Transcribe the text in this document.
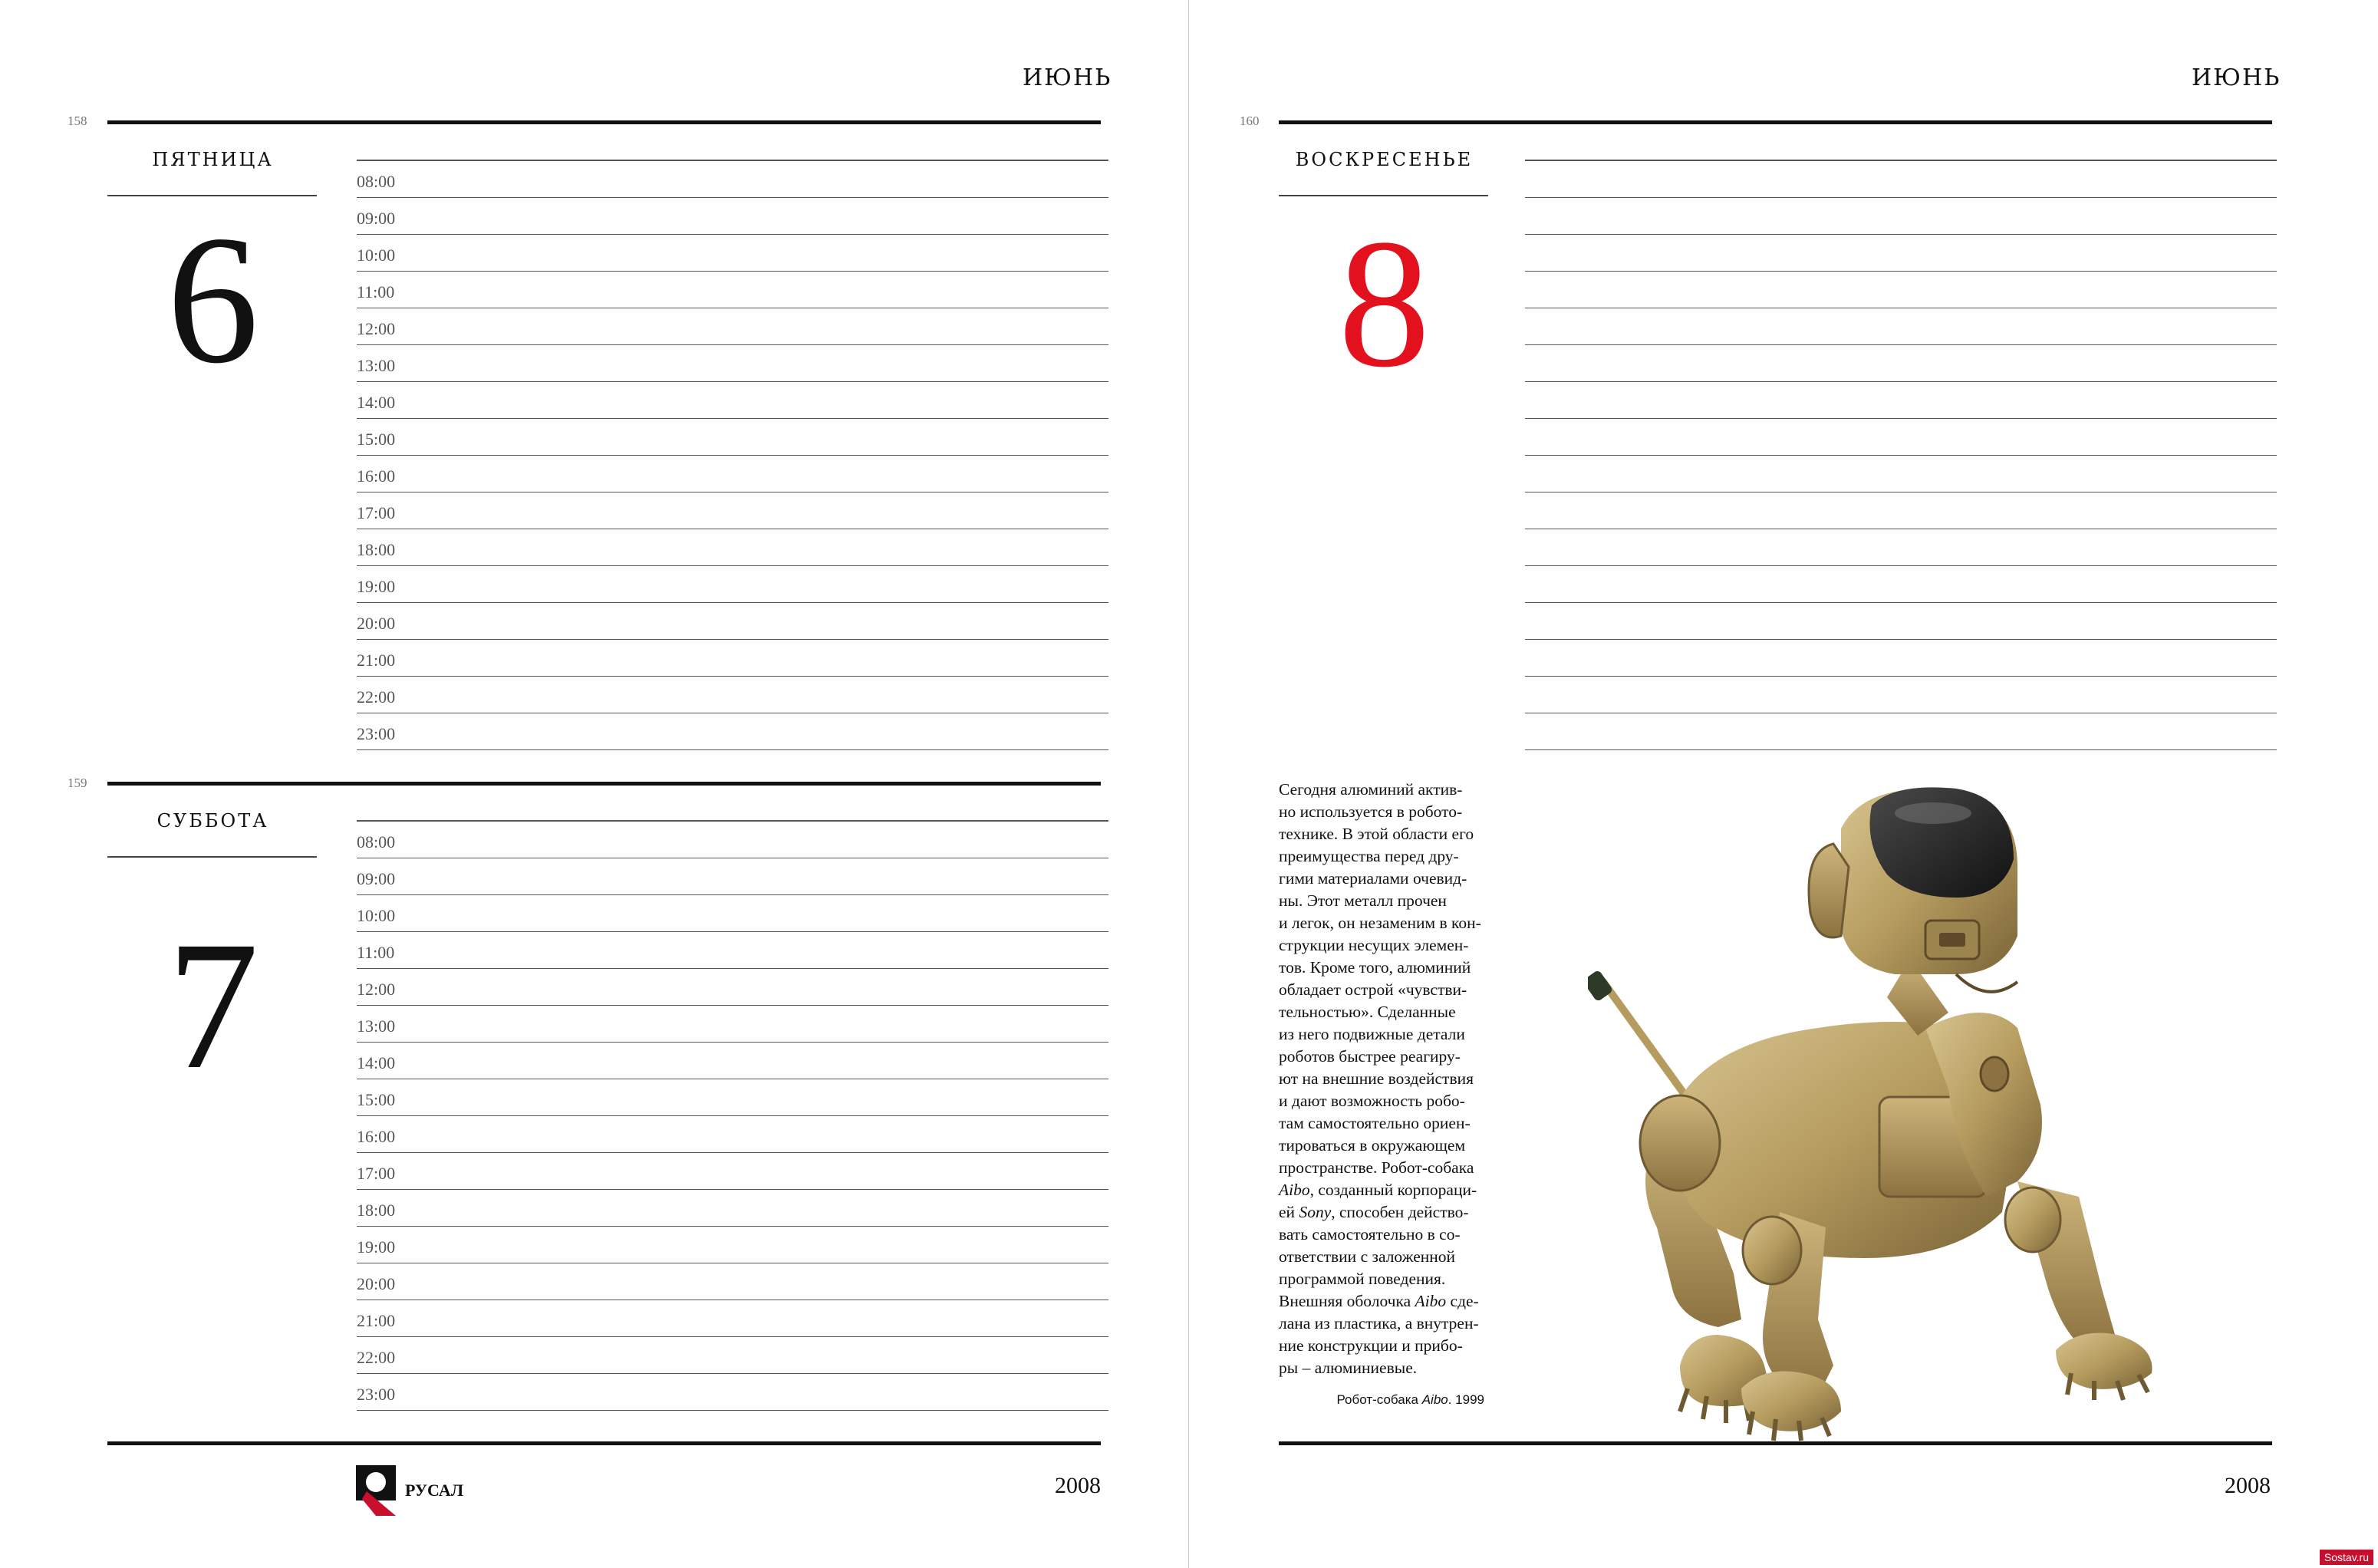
ИЮНЬ
158
ПЯТНИЦА
6
08:00
09:00
10:00
11:00
12:00
13:00
14:00
15:00
16:00
17:00
18:00
19:00
20:00
21:00
22:00
23:00
159
СУББОТА
7
08:00
09:00
10:00
11:00
12:00
13:00
14:00
15:00
16:00
17:00
18:00
19:00
20:00
21:00
22:00
23:00
РУСАЛ	2008
ИЮНЬ
160
ВОСКРЕСЕНЬЕ
8
2008

Сегодня алюминий актив-

но используется в робото-

технике. В этой области его

преимущества перед дру-

гими материалами очевид-

ны. Этот металл прочен

и легок, он незаменим в кон-

струкции несущих элемен-

тов. Кроме того, алюминий

обладает острой «чувстви-

тельностью». Сделанные

из него подвижные детали

роботов быстрее реагиру-

ют на внешние воздействия

и дают возможность робо-

там самостоятельно ориен-

тироваться в окружающем

пространстве. Робот-собака

Aibo, созданный корпораци-

ей Sony, способен действо-

вать самостоятельно в со-

ответствии с заложенной

программой поведения.

Внешняя оболочка Aibo сде-

лана из пластика, а внутрен-

ние конструкции и прибо-

ры – алюминиевые.

Робот-собака Aibo. 1999
Sostav.ru
